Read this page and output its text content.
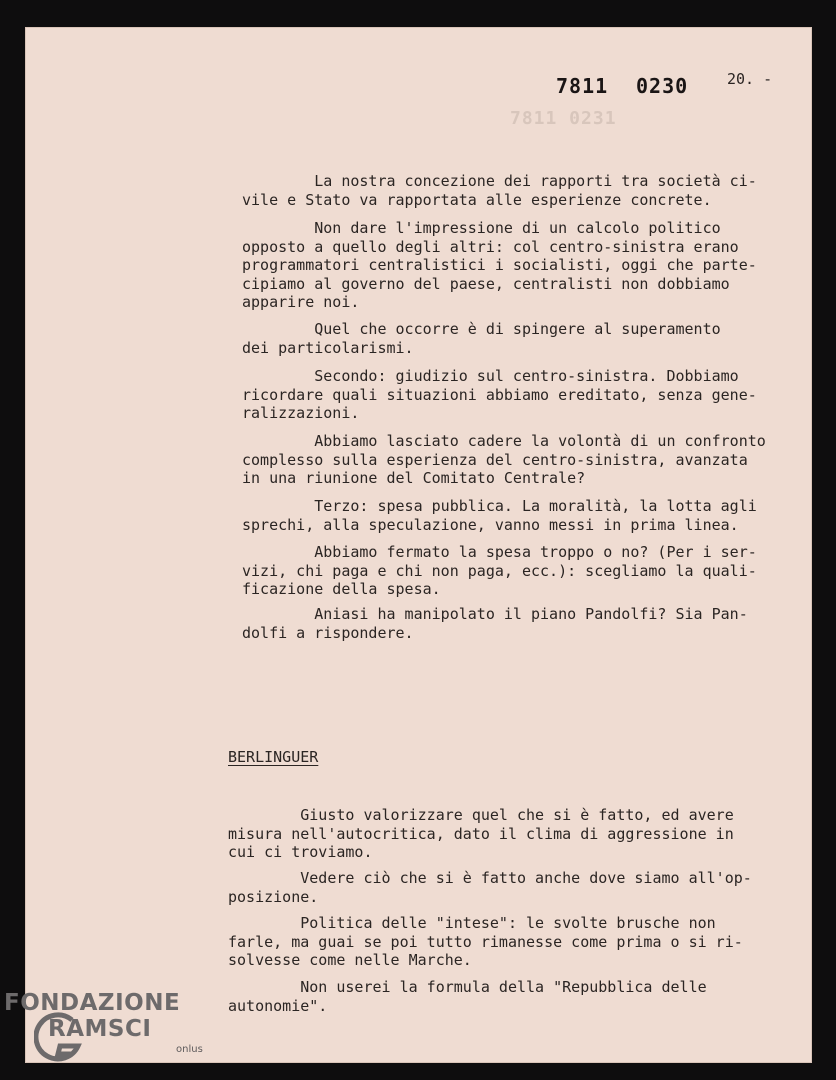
7811 0230	20. -
7811 0231

La nostra concezione dei rapporti tra società ci-
vile e Stato va rapportata alle esperienze concrete.

Non dare l'impressione di un calcolo politico
opposto a quello degli altri: col centro-sinistra erano
programmatori centralistici i socialisti, oggi che parte-
cipiamo al governo del paese, centralisti non dobbiamo
apparire noi.

Quel che occorre è di spingere al superamento
dei particolarismi.

Secondo: giudizio sul centro-sinistra. Dobbiamo
ricordare quali situazioni abbiamo ereditato, senza gene-
ralizzazioni.

Abbiamo lasciato cadere la volontà di un confronto
complesso sulla esperienza del centro-sinistra, avanzata
in una riunione del Comitato Centrale?

Terzo: spesa pubblica. La moralità, la lotta agli
sprechi, alla speculazione, vanno messi in prima linea.

Abbiamo fermato la spesa troppo o no? (Per i ser-
vizi, chi paga e chi non paga, ecc.): scegliamo la quali-
ficazione della spesa.

Aniasi ha manipolato il piano Pandolfi? Sia Pan-
dolfi a rispondere.

BERLINGUER

Giusto valorizzare quel che si è fatto, ed avere
misura nell'autocritica, dato il clima di aggressione in
cui ci troviamo.

Vedere ciò che si è fatto anche dove siamo all'op-
posizione.

Politica delle "intese": le svolte brusche non
farle, ma guai se poi tutto rimanesse come prima o si ri-
solvesse come nelle Marche.

Non userei la formula della "Repubblica delle
autonomie".

FONDAZIONE
RAMSCI
onlus
